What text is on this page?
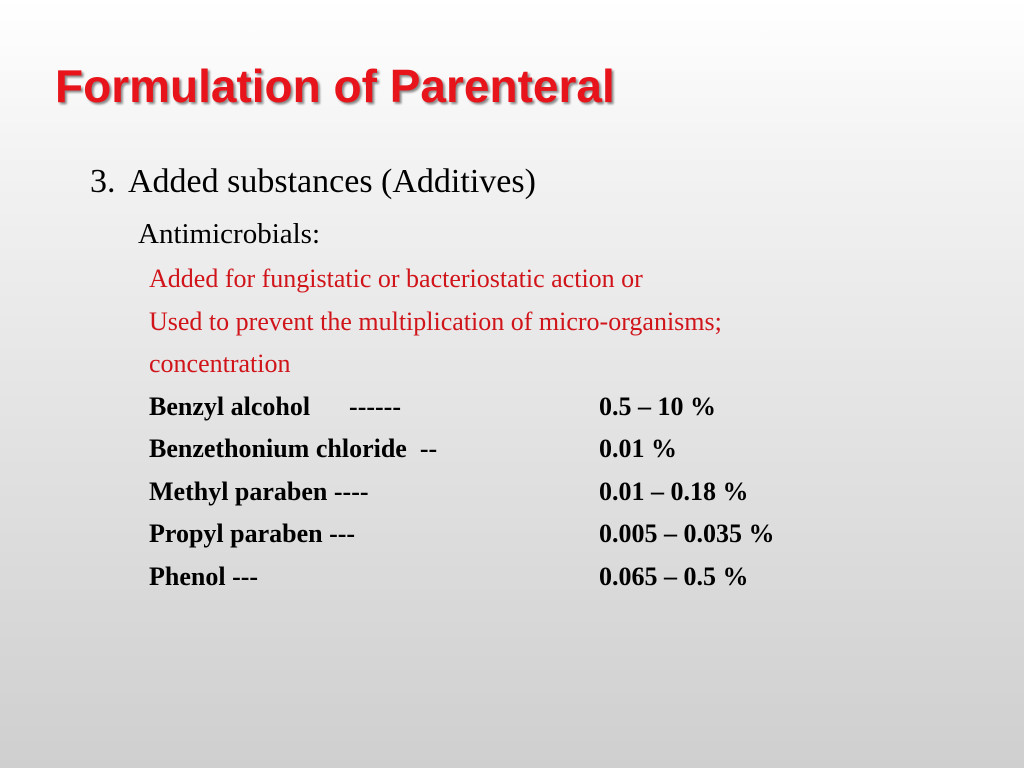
Formulation of Parenteral
3. Added substances (Additives)
Antimicrobials:
Added for fungistatic or bacteriostatic action or
Used to prevent the multiplication of micro-organisms;
concentration
Benzyl alcohol      ------	0.5 – 10 %
Benzethonium chloride  --	0.01 %
Methyl paraben ----	0.01 – 0.18 %
Propyl paraben ---	0.005 – 0.035 %
Phenol ---	0.065 – 0.5 %
